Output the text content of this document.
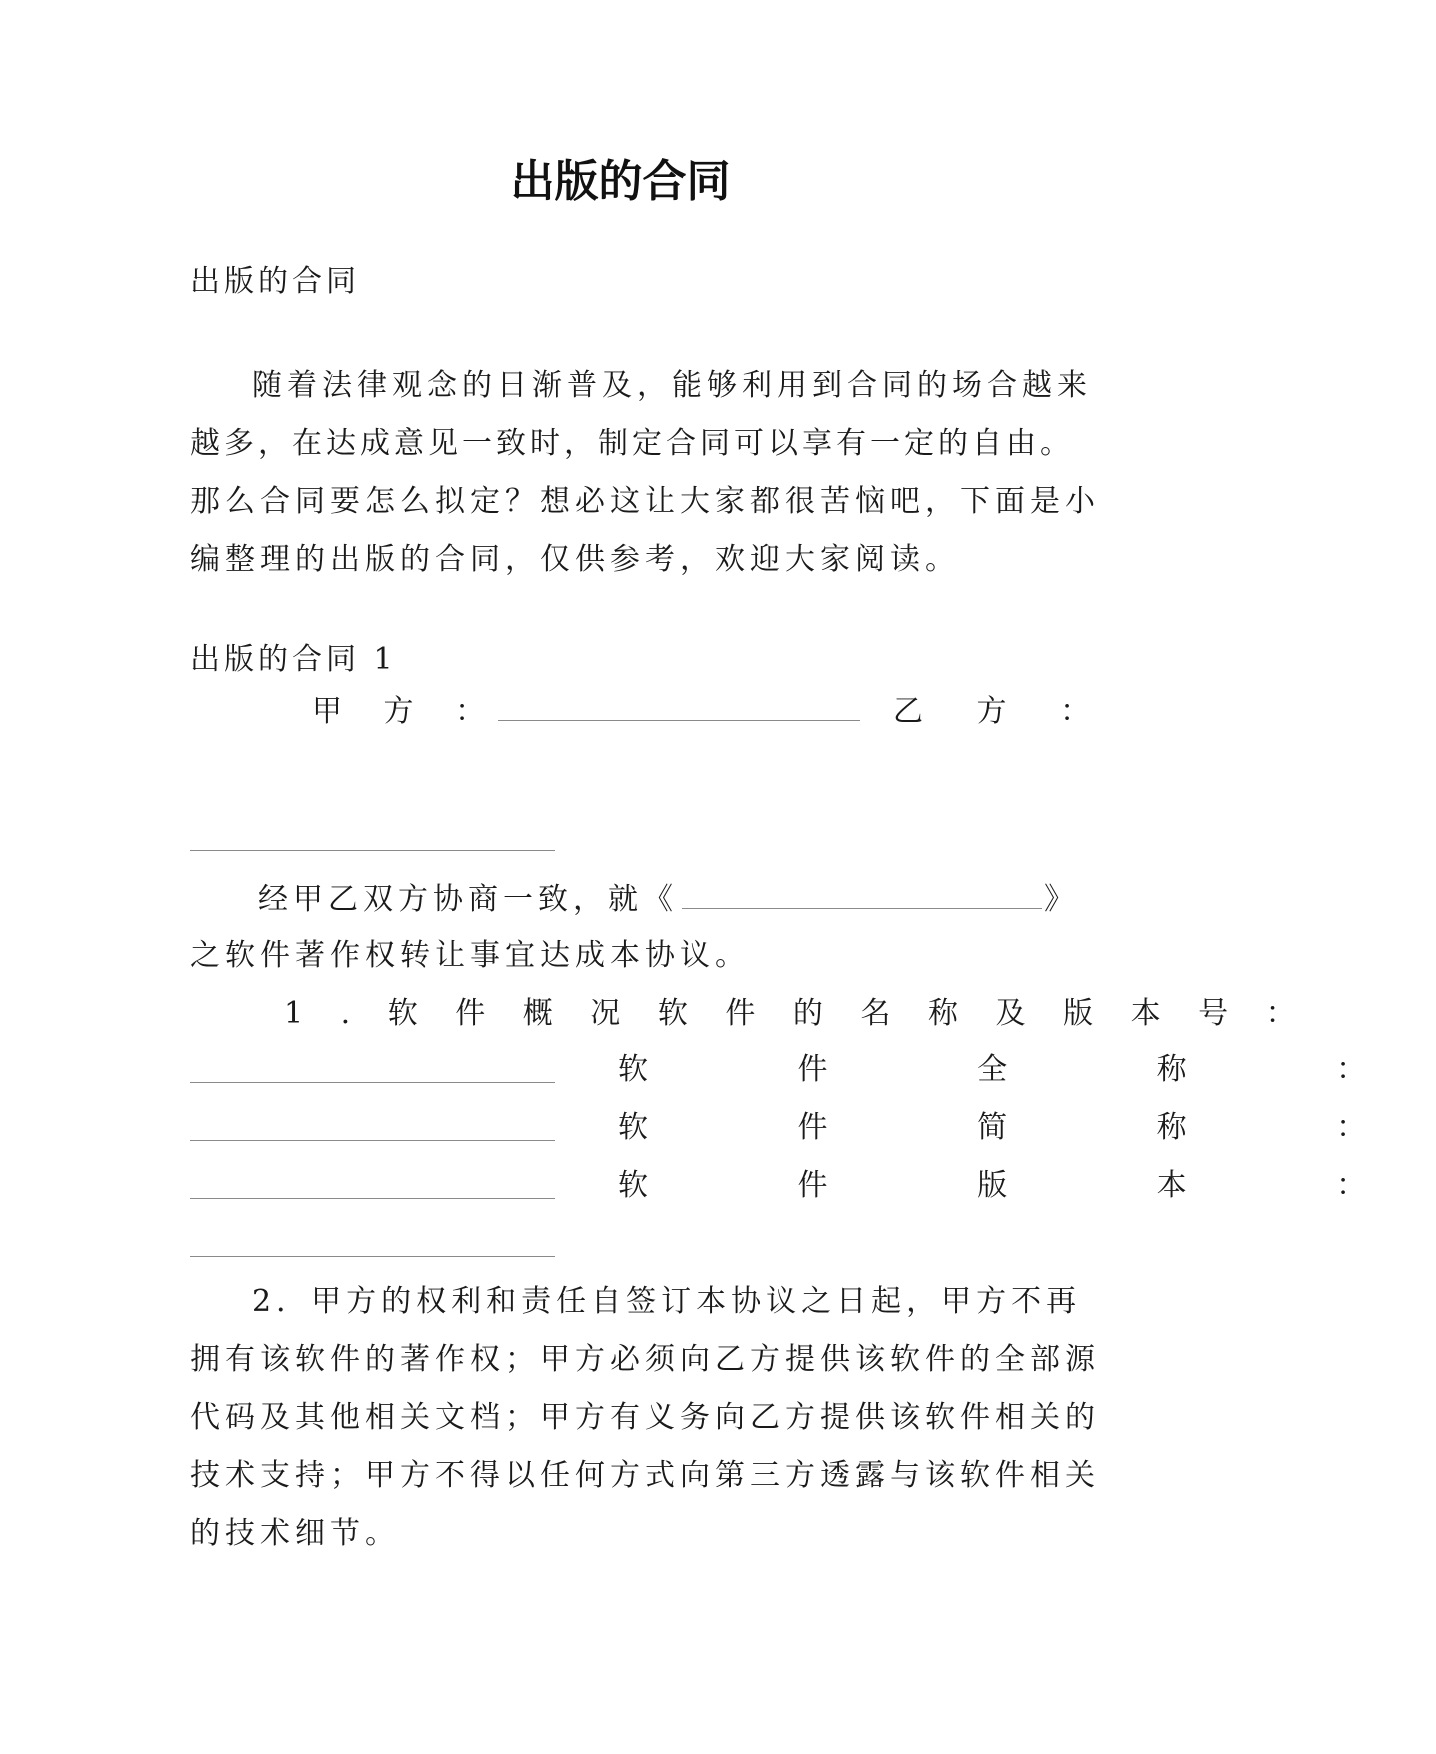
出版的合同
出版的合同
随着法律观念的日渐普及，能够利用到合同的场合越来
越多，在达成意见一致时，制定合同可以享有一定的自由。
那么合同要怎么拟定？想必这让大家都很苦恼吧，下面是小
编整理的出版的合同，仅供参考，欢迎大家阅读。
出版的合同 1
甲 方 ：	乙 方 ：
经甲乙双方协商一致，就《	》
之软件著作权转让事宜达成本协议。
1 . 软 件 概 况 软 件 的 名 称 及 版 本 号 ：
软 件 全 称 ：
软 件 简 称 ：
软 件 版 本 ：
2．甲方的权利和责任自签订本协议之日起，甲方不再
拥有该软件的著作权；甲方必须向乙方提供该软件的全部源
代码及其他相关文档；甲方有义务向乙方提供该软件相关的
技术支持；甲方不得以任何方式向第三方透露与该软件相关
的技术细节。
